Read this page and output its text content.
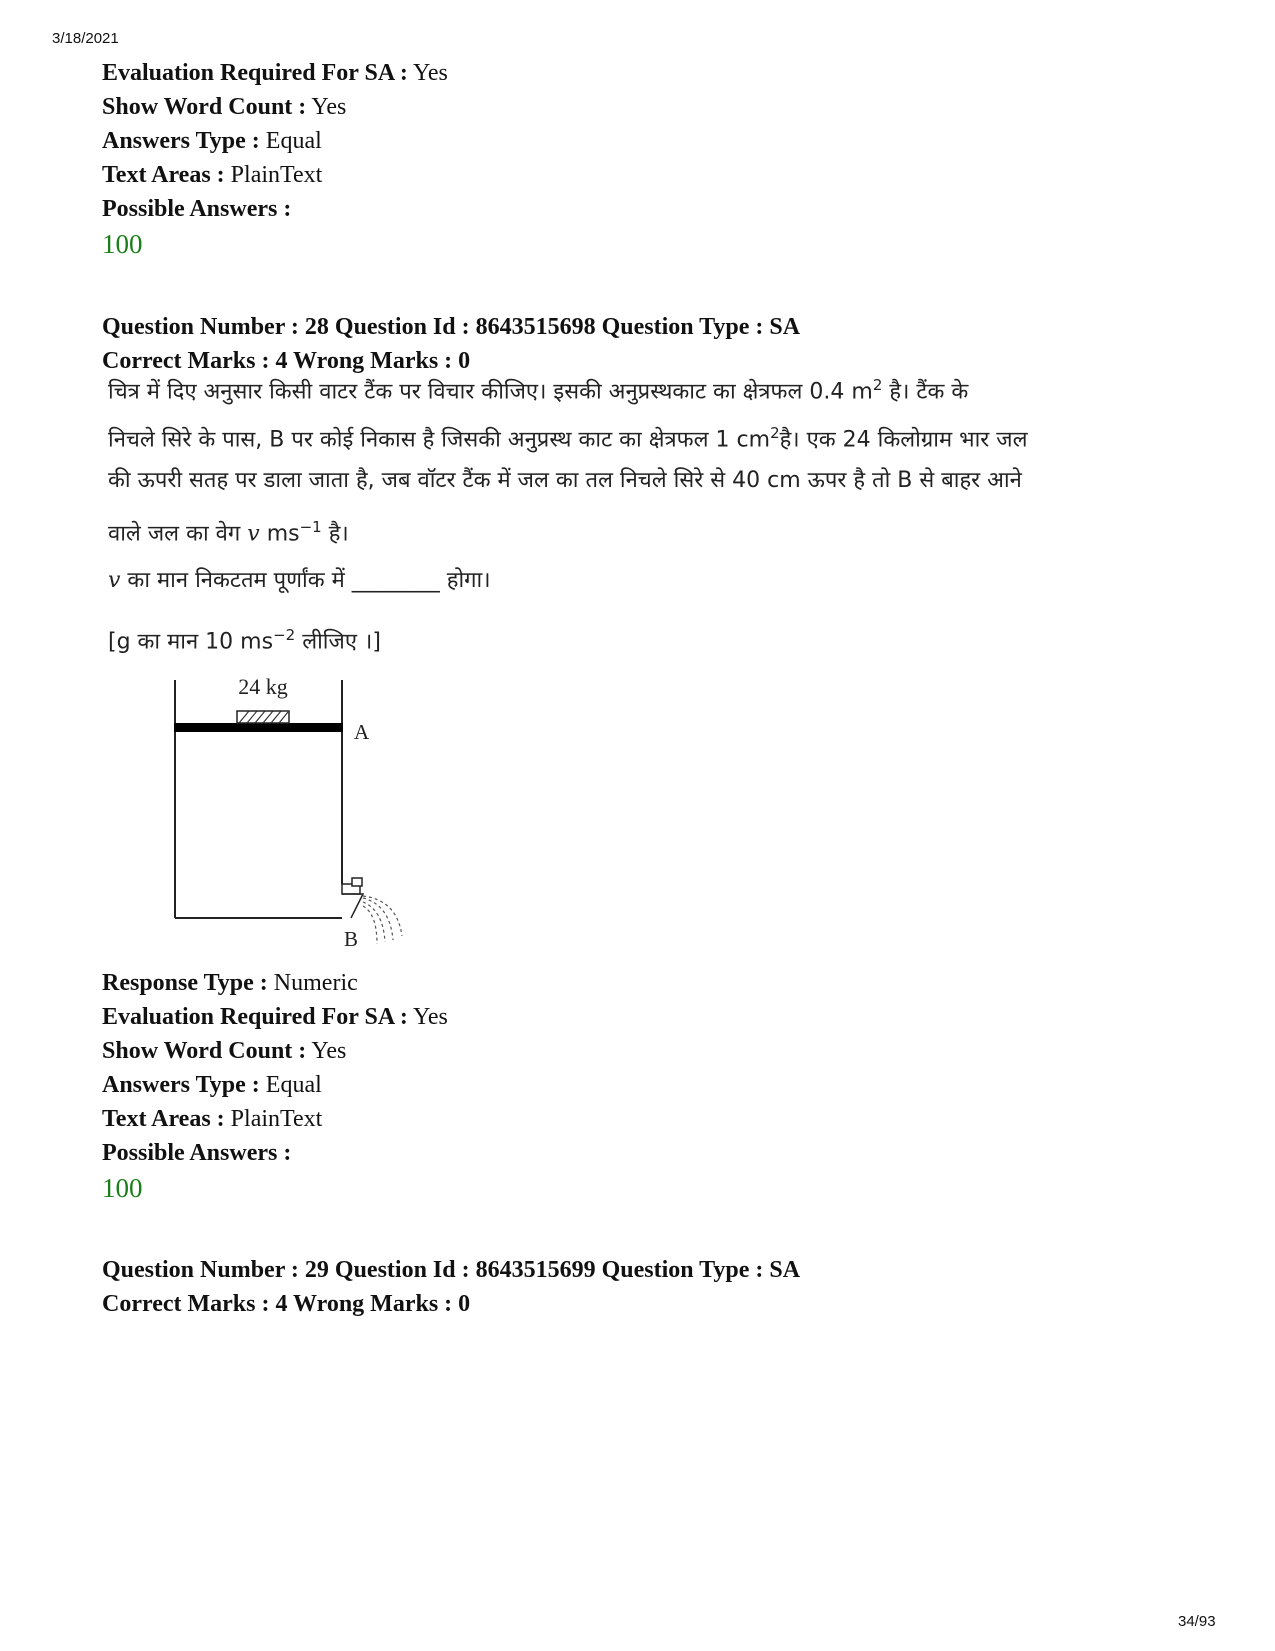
3/18/2021
Evaluation Required For SA : Yes
Show Word Count : Yes
Answers Type : Equal
Text Areas : PlainText
Possible Answers :
100
Question Number : 28 Question Id : 8643515698 Question Type : SA
Correct Marks : 4 Wrong Marks : 0
चित्र में दिए अनुसार किसी वाटर टैंक पर विचार कीजिए। इसकी अनुप्रस्थकाट का क्षेत्रफल 0.4 $m^2$ है। टैंक के
निचले सिरे के पास, B पर कोई निकास है जिसकी अनुप्रस्थ काट का क्षेत्रफल 1 $cm^2है।$ एक 24 किलोग्राम भार जल
की ऊपरी सतह पर डाला जाता है, जब वॉटर टैंक में जल का तल निचले सिरे से 40 cm ऊपर है तो B से बाहर आने
वाले जल का वेग v $ms^{-1}$ है।
v का मान निकटतम पूर्णांक में ________ होगा।
[g का मान 10 $ms^{-2}$ लीजिए ।]
24 kg
A
B
Response Type : Numeric
Evaluation Required For SA : Yes
Show Word Count : Yes
Answers Type : Equal
Text Areas : PlainText
Possible Answers :
100
Question Number : 29 Question Id : 8643515699 Question Type : SA
Correct Marks : 4 Wrong Marks : 0
34/93
